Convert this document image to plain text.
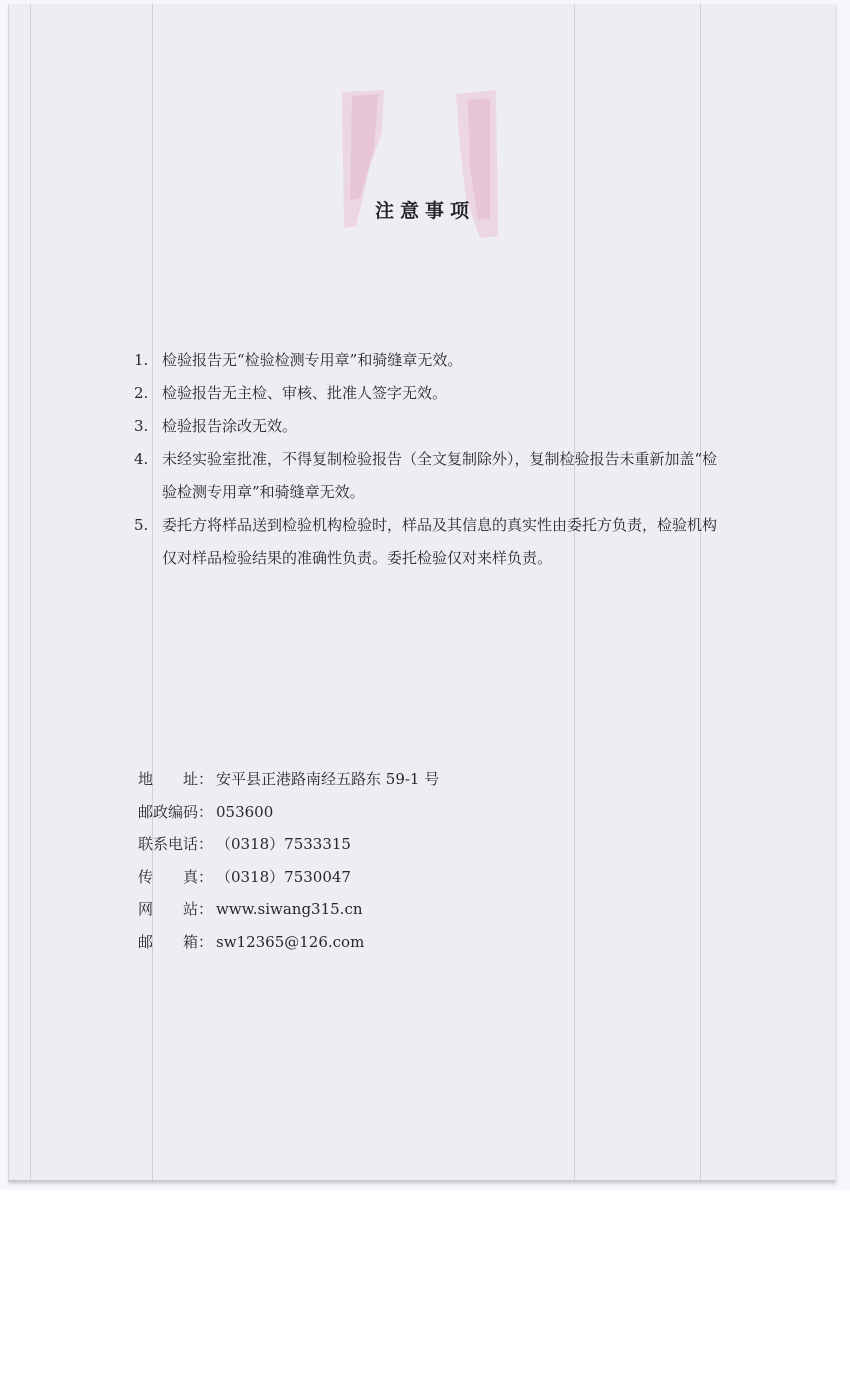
注意事项
1. 检验报告无“检验检测专用章”和骑缝章无效。
2. 检验报告无主检、审核、批准人签字无效。
3. 检验报告涂改无效。
4. 未经实验室批准，不得复制检验报告（全文复制除外），复制检验报告未重新加盖“检验检测专用章”和骑缝章无效。
5. 委托方将样品送到检验机构检验时，样品及其信息的真实性由委托方负责，检验机构仅对样品检验结果的准确性负责。委托检验仅对来样负责。
地　　址： 安平县正港路南经五路东 59-1 号
邮政编码： 053600
联系电话： （0318）7533315
传　　真： （0318）7530047
网　　站： www.siwang315.cn
邮　　箱： sw12365@126.com
